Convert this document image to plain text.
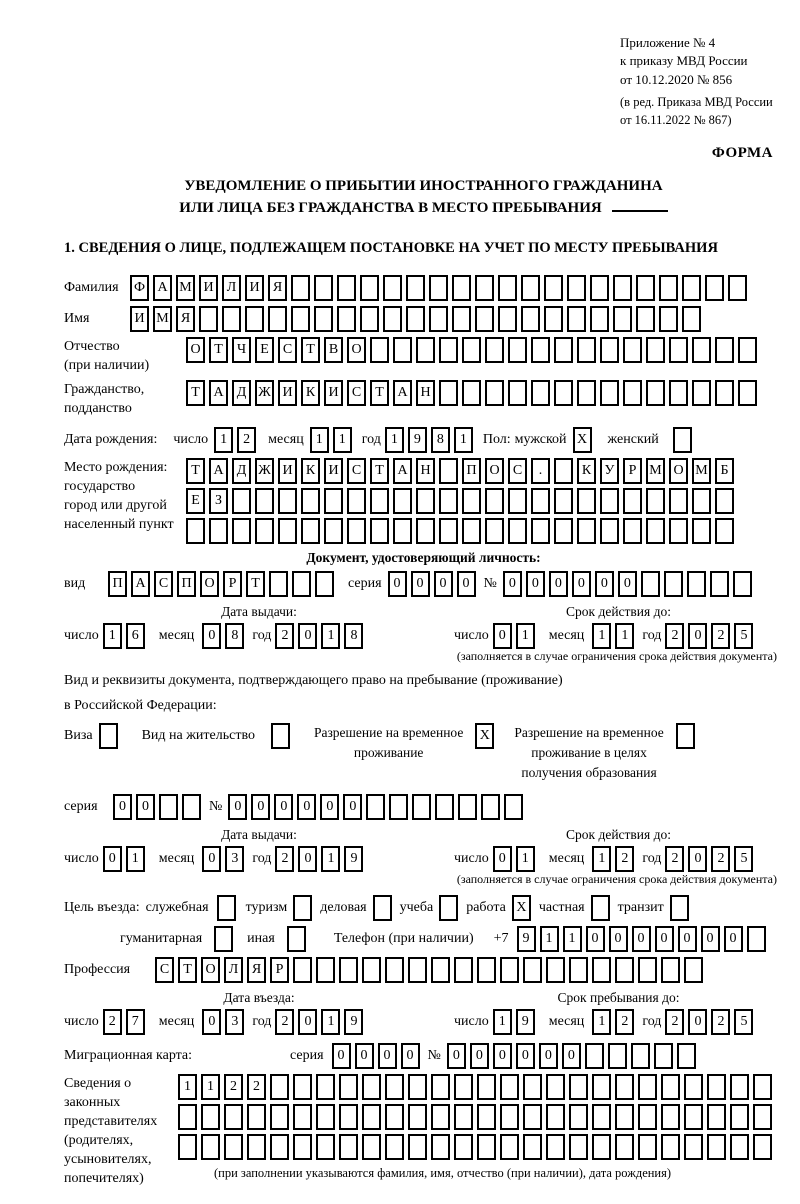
Приложение № 4
к приказу МВД России
от 10.12.2020 № 856
(в ред. Приказа МВД России
от 16.11.2022 № 867)
ФОРМА
УВЕДОМЛЕНИЕ О ПРИБЫТИИ ИНОСТРАННОГО ГРАЖДАНИНА
ИЛИ ЛИЦА БЕЗ ГРАЖДАНСТВА В МЕСТО ПРЕБЫВАНИЯ
1. СВЕДЕНИЯ О ЛИЦЕ, ПОДЛЕЖАЩЕМ ПОСТАНОВКЕ НА УЧЕТ ПО МЕСТУ ПРЕБЫВАНИЯ
Фамилия	Ф А М И Л И Я
Имя	И М Я
Отчество
(при наличии)
О Т Ч Е С Т В О
Гражданство,
подданство
Т А Д Ж И К И С Т А Н
Дата рождения: число 1 2	месяц 1 1	год 1 9 8 1	Пол: мужской X	женский
Место рождения:
государство
город или другой
населенный пункт
Т А Д Ж И К И С Т А Н	П О С .	К У Р М О М Б
Е З
Документ, удостоверяющий личность:
вид	П А С П О Р Т	серия 0 0 0 0	№ 0 0 0 0 0 0
Дата выдачи:	Срок действия до:
число 1 6	месяц	0 8	год 2 0 1 8	число 0 1	месяц	1 1	год 2 0 2 5
(заполняется в случае ограничения срока действия документа)
Вид и реквизиты документа, подтверждающего право на пребывание (проживание)
в Российской Федерации:
Виза	Вид на жительство	Разрешение на временное
проживание
X	Разрешение на временное
проживание в целях
получения образования
серия	0 0	№ 0 0 0 0 0 0
Дата выдачи:	Срок действия до:
число 0 1	месяц	0 3	год 2 0 1 9	число 0 1	месяц	1 2	год 2 0 2 5
(заполняется в случае ограничения срока действия документа)
Цель въезда: служебная	туризм деловая учеба работа X частная транзит
гуманитарная	иная	Телефон (при наличии) +7	9 1 1 0 0 0 0 0 0 0
Профессия	С Т О Л Я Р
Дата въезда:	Срок пребывания до:
число 2 7	месяц	0 3	год 2 0 1 9	число 1 9	месяц	1 2	год 2 0 2 5
Миграционная карта:	серия	0 0 0 0	№ 0 0 0 0 0 0
Сведения о
законных
представителях
(родителях,
усыновителях,
попечителях)
1 1 2 2
(при заполнении указываются фамилия, имя, отчество (при наличии), дата рождения)
